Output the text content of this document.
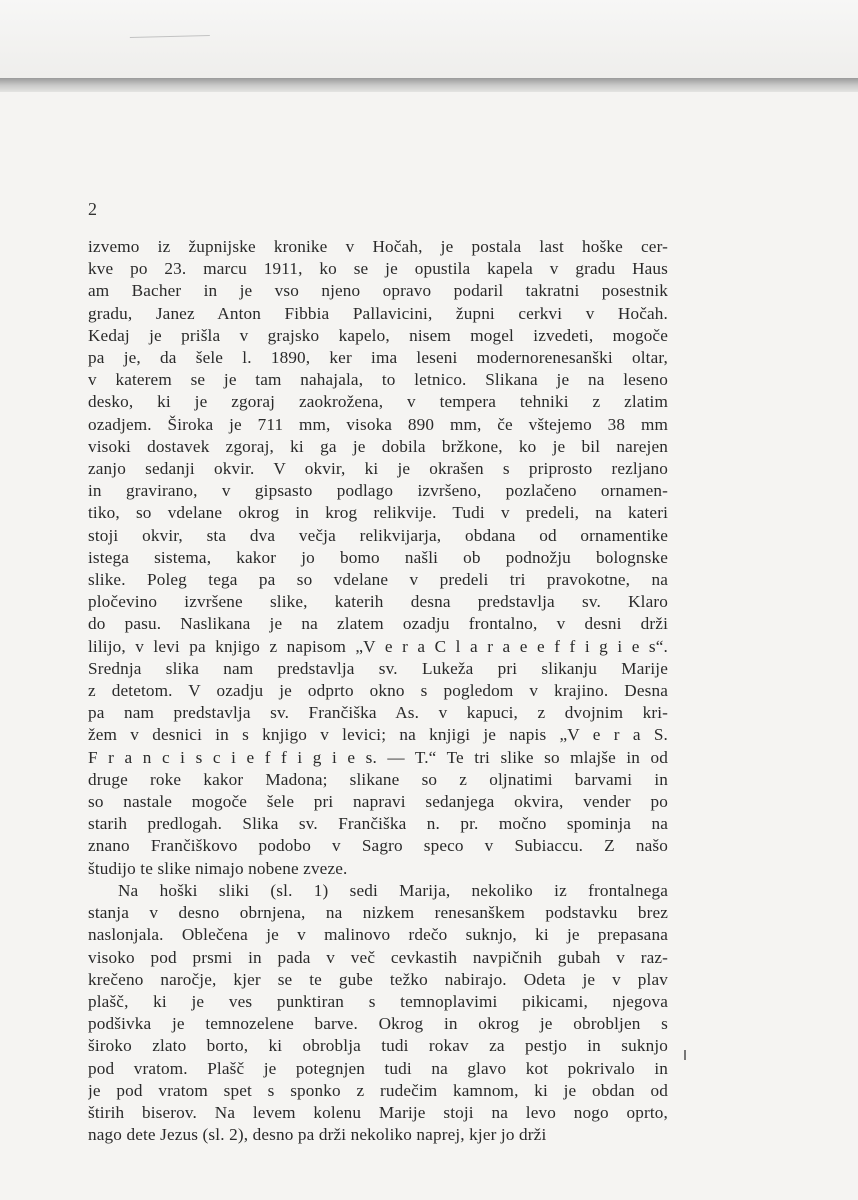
2
izvemo iz župnijske kronike v Hočah, je postala last hoške cer-
kve po 23. marcu 1911, ko se je opustila kapela v gradu Haus
am Bacher in je vso njeno opravo podaril takratni posestnik
gradu, Janez Anton Fibbia Pallavicini, župni cerkvi v Hočah.
Kedaj je prišla v grajsko kapelo, nisem mogel izvedeti, mogoče
pa je, da šele l. 1890, ker ima leseni modernorenesanški oltar,
v katerem se je tam nahajala, to letnico. Slikana je na leseno
desko, ki je zgoraj zaokrožena, v tempera tehniki z zlatim
ozadjem. Široka je 711 mm, visoka 890 mm, če vštejemo 38 mm
visoki dostavek zgoraj, ki ga je dobila bržkone, ko je bil narejen
zanjo sedanji okvir. V okvir, ki je okrašen s priprosto rezljano
in gravirano, v gipsasto podlago izvršeno, pozlačeno ornamen-
tiko, so vdelane okrog in krog relikvije. Tudi v predeli, na kateri
stoji okvir, sta dva večja relikvijarja, obdana od ornamentike
istega sistema, kakor jo bomo našli ob podnožju bolognske
slike. Poleg tega pa so vdelane v predeli tri pravokotne, na
pločevino izvršene slike, katerih desna predstavlja sv. Klaro
do pasu. Naslikana je na zlatem ozadju frontalno, v desni drži
lilijo, v levi pa knjigo z napisom „V e r a C l a r a e e f f i g i e s“.
Srednja slika nam predstavlja sv. Lukeža pri slikanju Marije
z detetom. V ozadju je odprto okno s pogledom v krajino. Desna
pa nam predstavlja sv. Frančiška As. v kapuci, z dvojnim kri-
žem v desnici in s knjigo v levici; na knjigi je napis „V e r a S.
F r a n c i s c i e f f i g i e s. — T.“ Te tri slike so mlajše in od
druge roke kakor Madona; slikane so z oljnatimi barvami in
so nastale mogoče šele pri napravi sedanjega okvira, vender po
starih predlogah. Slika sv. Frančiška n. pr. močno spominja na
znano Frančiškovo podobo v Sagro speco v Subiaccu. Z našo
študijo te slike nimajo nobene zveze.
Na hoški sliki (sl. 1) sedi Marija, nekoliko iz frontalnega
stanja v desno obrnjena, na nizkem renesanškem podstavku brez
naslonjala. Oblečena je v malinovo rdečo suknjo, ki je prepasana
visoko pod prsmi in pada v več cevkastih navpičnih gubah v raz-
krečeno naročje, kjer se te gube težko nabirajo. Odeta je v plav
plašč, ki je ves punktiran s temnoplavimi pikicami, njegova
podšivka je temnozelene barve. Okrog in okrog je obrobljen s
široko zlato borto, ki obroblja tudi rokav za pestjo in suknjo
pod vratom. Plašč je potegnjen tudi na glavo kot pokrivalo in
je pod vratom spet s sponko z rudečim kamnom, ki je obdan od
štirih biserov. Na levem kolenu Marije stoji na levo nogo oprto,
nago dete Jezus (sl. 2), desno pa drži nekoliko naprej, kjer jo drži
